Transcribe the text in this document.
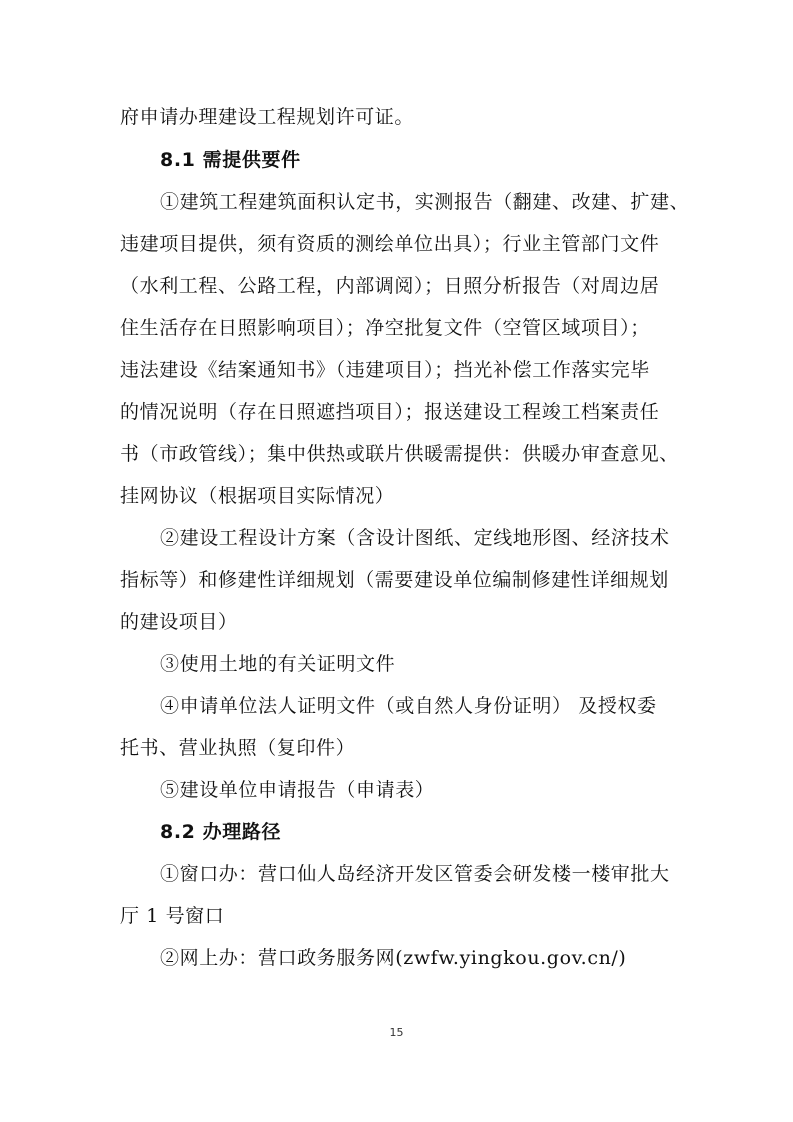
府申请办理建设工程规划许可证。
8.1 需提供要件
①建筑工程建筑面积认定书，实测报告（翻建、改建、扩建、
违建项目提供，须有资质的测绘单位出具）；行业主管部门文件
（水利工程、公路工程，内部调阅）；日照分析报告（对周边居
住生活存在日照影响项目）；净空批复文件（空管区域项目）；
违法建设《结案通知书》（违建项目）；挡光补偿工作落实完毕
的情况说明（存在日照遮挡项目）；报送建设工程竣工档案责任
书（市政管线）；集中供热或联片供暖需提供：供暖办审查意见、
挂网协议（根据项目实际情况）
②建设工程设计方案（含设计图纸、定线地形图、经济技术
指标等）和修建性详细规划（需要建设单位编制修建性详细规划
的建设项目）
③使用土地的有关证明文件
④申请单位法人证明文件（或自然人身份证明） 及授权委
托书、营业执照（复印件）
⑤建设单位申请报告（申请表）
8.2 办理路径
①窗口办：营口仙人岛经济开发区管委会研发楼一楼审批大
厅 1 号窗口
②网上办：营口政务服务网(zwfw.yingkou.gov.cn/)
15
